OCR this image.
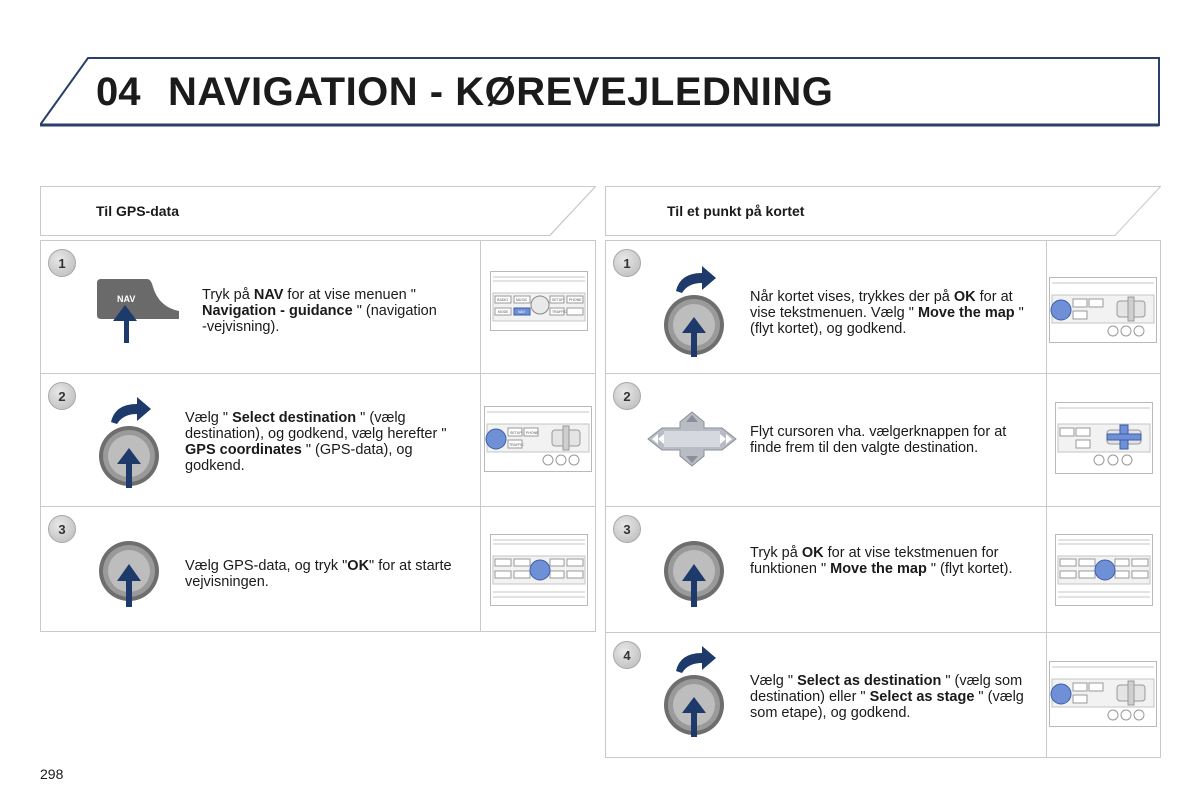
04 NAVIGATION - KØREVEJLEDNING
Til GPS-data	Til et punkt på kortet
1
NAV	Tryk på NAV for at vise menuen " Navigation - guidance " (navigation -vejvisning).
RADIO MUSIC	SETUP PHONE
MODE	NAV	TRAFFIC
2
Vælg " Select destination " (vælg destination), og godkend, vælg herefter " GPS coordinates " (GPS-data), og godkend.
SETUP PHONE
TRAFFIC
3
Vælg GPS-data, og tryk "OK" for at starte vejvisningen.
1
Når kortet vises, trykkes der på OK for at vise tekstmenuen. Vælg " Move the map " (flyt kortet), og godkend.
2
Flyt cursoren vha. vælgerknappen for at finde frem til den valgte destination.
3
Tryk på OK for at vise tekstmenuen for funktionen " Move the map " (flyt kortet).
4
Vælg " Select as destination " (vælg som destination) eller " Select as stage " (vælg som etape), og godkend.
298
